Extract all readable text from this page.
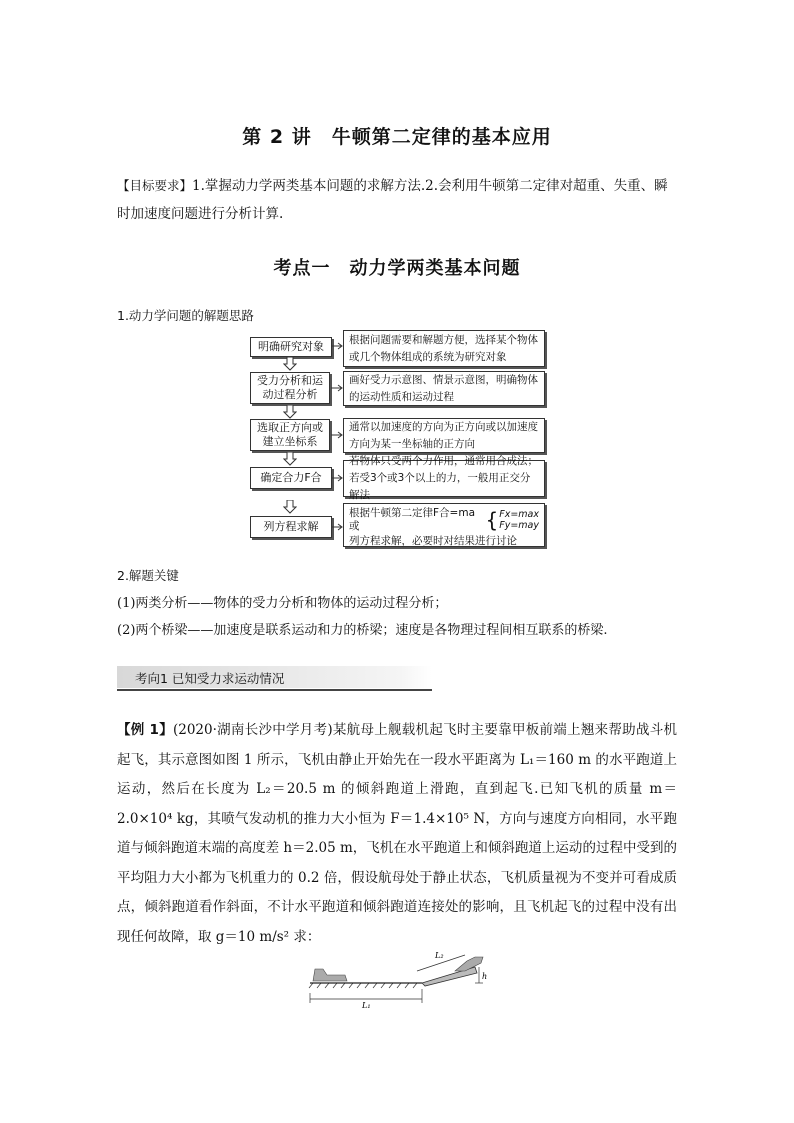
第 2 讲　牛顿第二定律的基本应用
【目标要求】1.掌握动力学两类基本问题的求解方法.2.会利用牛顿第二定律对超重、失重、瞬时加速度问题进行分析计算.
考点一　动力学两类基本问题
1.动力学问题的解题思路
明确研究对象
根据问题需要和解题方便，选择某个物体或几个物体组成的系统为研究对象
受力分析和运动过程分析
画好受力示意图、情景示意图，明确物体的运动性质和运动过程
选取正方向或建立坐标系
通常以加速度的方向为正方向或以加速度方向为某一坐标轴的正方向
确定合力F合
若物体只受两个力作用，通常用合成法；若受3个或3个以上的力，一般用正交分解法
列方程求解
根据牛顿第二定律F合=ma或	{ Fx=max
Fy=may
列方程求解，必要时对结果进行讨论
2.解题关键
(1)两类分析——物体的受力分析和物体的运动过程分析；
(2)两个桥梁——加速度是联系运动和力的桥梁；速度是各物理过程间相互联系的桥梁.
考向1 已知受力求运动情况
【例 1】(2020·湖南长沙中学月考)某航母上舰载机起飞时主要靠甲板前端上翘来帮助战斗机起飞，其示意图如图 1 所示，飞机由静止开始先在一段水平距离为 L₁＝160 m 的水平跑道上运动，然后在长度为 L₂＝20.5 m 的倾斜跑道上滑跑，直到起飞.已知飞机的质量 m＝2.0×10⁴ kg，其喷气发动机的推力大小恒为 F＝1.4×10⁵ N，方向与速度方向相同，水平跑道与倾斜跑道末端的高度差 h＝2.05 m，飞机在水平跑道上和倾斜跑道上运动的过程中受到的平均阻力大小都为飞机重力的 0.2 倍，假设航母处于静止状态，飞机质量视为不变并可看成质点，倾斜跑道看作斜面，不计水平跑道和倾斜跑道连接处的影响，且飞机起飞的过程中没有出现任何故障，取 g＝10 m/s² 求：
L₁
L₂
h
